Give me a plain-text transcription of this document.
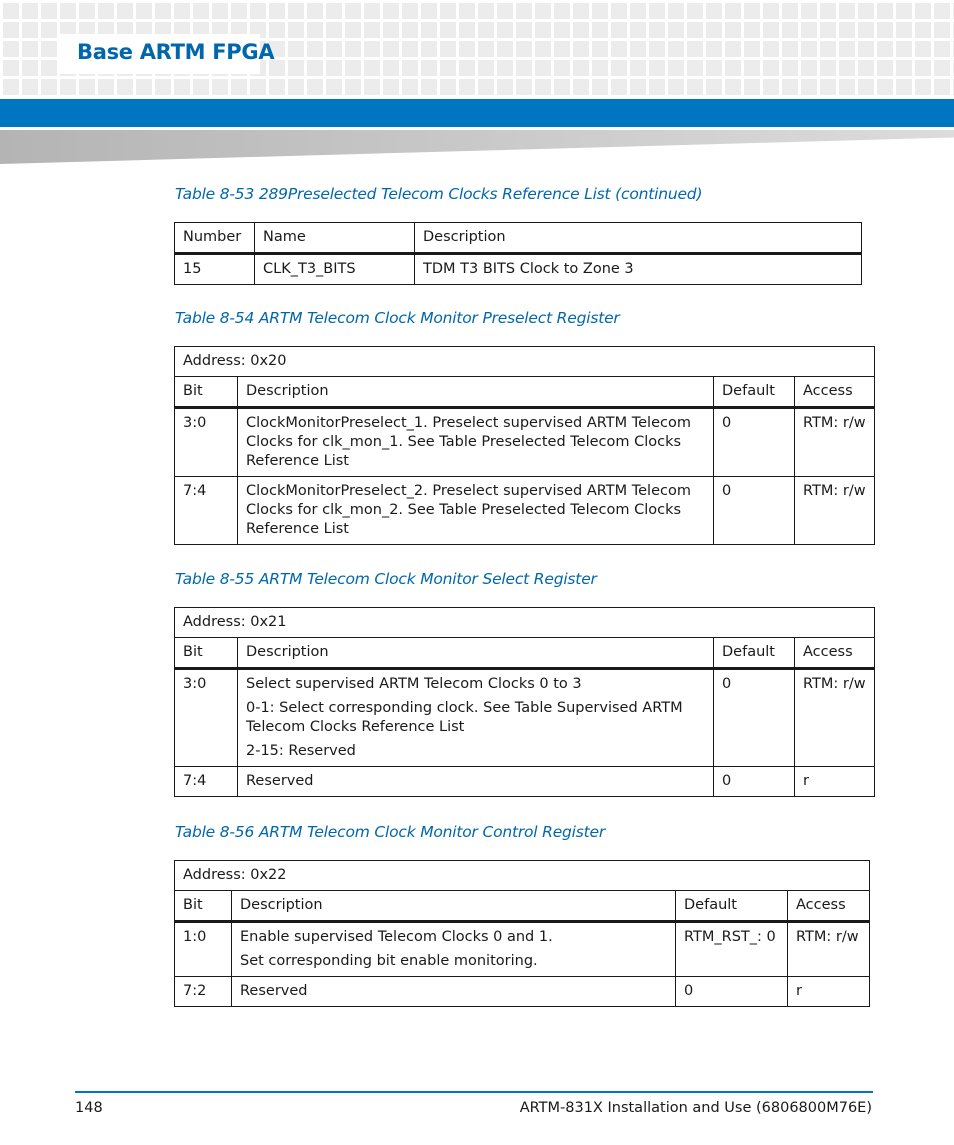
Base ARTM FPGA
Table 8-53 289Preselected Telecom Clocks Reference List (continued)
Number	Name	Description
15	CLK_T3_BITS	TDM T3 BITS Clock to Zone 3
Table 8-54 ARTM Telecom Clock Monitor Preselect Register
Address: 0x20			
Bit	Description	Default	Access
3:0	ClockMonitorPreselect_1. Preselect supervised ARTM Telecom Clocks for clk_mon_1. See Table Preselected Telecom Clocks Reference List	0	RTM: r/w
7:4	ClockMonitorPreselect_2. Preselect supervised ARTM Telecom Clocks for clk_mon_2. See Table Preselected Telecom Clocks Reference List	0	RTM: r/w
Table 8-55 ARTM Telecom Clock Monitor Select Register
Address: 0x21			
Bit	Description	Default	Access
3:0	Select supervised ARTM Telecom Clocks 0 to 3

0-1: Select corresponding clock. See Table Supervised ARTM Telecom Clocks Reference List

2-15: Reserved	0	RTM: r/w
7:4	Reserved	0	r
Table 8-56 ARTM Telecom Clock Monitor Control Register
Address: 0x22			
Bit	Description	Default	Access
1:0	Enable supervised Telecom Clocks 0 and 1.

Set corresponding bit enable monitoring.	RTM_RST_: 0	RTM: r/w
7:2	Reserved	0	r
148	ARTM-831X Installation and Use (6806800M76E)
